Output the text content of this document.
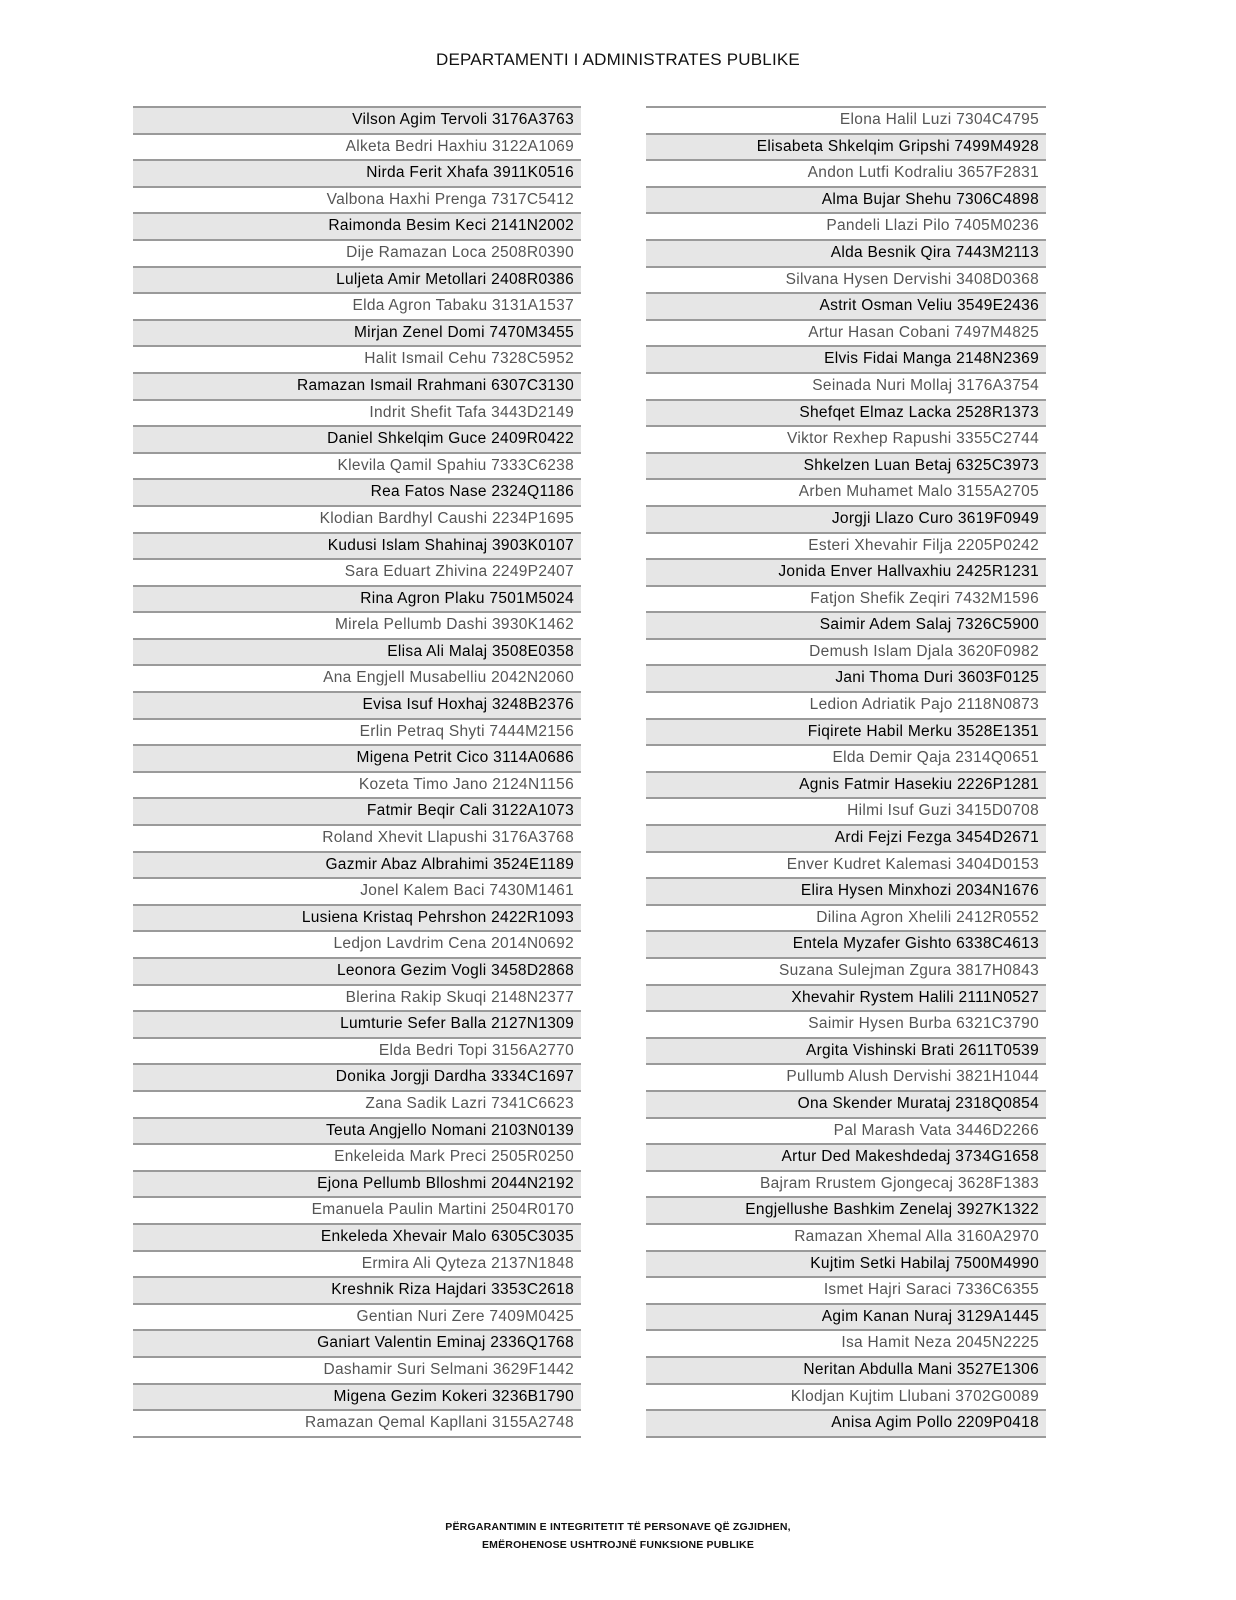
DEPARTAMENTI I ADMINISTRATES PUBLIKE
Vilson Agim Tervoli 3176A3763
Alketa Bedri Haxhiu 3122A1069
Nirda Ferit Xhafa 3911K0516
Valbona Haxhi Prenga 7317C5412
Raimonda Besim Keci 2141N2002
Dije Ramazan Loca 2508R0390
Luljeta Amir Metollari 2408R0386
Elda Agron Tabaku 3131A1537
Mirjan Zenel Domi 7470M3455
Halit Ismail Cehu 7328C5952
Ramazan Ismail Rrahmani 6307C3130
Indrit Shefit Tafa 3443D2149
Daniel Shkelqim Guce 2409R0422
Klevila Qamil Spahiu 7333C6238
Rea Fatos Nase 2324Q1186
Klodian Bardhyl Caushi 2234P1695
Kudusi Islam Shahinaj 3903K0107
Sara Eduart Zhivina 2249P2407
Rina Agron Plaku 7501M5024
Mirela Pellumb Dashi 3930K1462
Elisa Ali Malaj 3508E0358
Ana Engjell Musabelliu 2042N2060
Evisa Isuf Hoxhaj 3248B2376
Erlin Petraq Shyti 7444M2156
Migena Petrit Cico 3114A0686
Kozeta Timo Jano 2124N1156
Fatmir Beqir Cali 3122A1073
Roland Xhevit Llapushi 3176A3768
Gazmir Abaz Albrahimi 3524E1189
Jonel Kalem Baci 7430M1461
Lusiena Kristaq Pehrshon 2422R1093
Ledjon Lavdrim Cena 2014N0692
Leonora Gezim Vogli 3458D2868
Blerina Rakip Skuqi 2148N2377
Lumturie Sefer Balla 2127N1309
Elda Bedri Topi 3156A2770
Donika Jorgji Dardha 3334C1697
Zana Sadik Lazri 7341C6623
Teuta Angjello Nomani 2103N0139
Enkeleida Mark Preci 2505R0250
Ejona Pellumb Blloshmi 2044N2192
Emanuela Paulin Martini 2504R0170
Enkeleda Xhevair Malo 6305C3035
Ermira Ali Qyteza 2137N1848
Kreshnik Riza Hajdari 3353C2618
Gentian Nuri Zere 7409M0425
Ganiart Valentin Eminaj 2336Q1768
Dashamir Suri Selmani 3629F1442
Migena Gezim Kokeri 3236B1790
Ramazan Qemal Kapllani 3155A2748
Elona Halil Luzi 7304C4795
Elisabeta Shkelqim Gripshi 7499M4928
Andon Lutfi Kodraliu 3657F2831
Alma Bujar Shehu 7306C4898
Pandeli Llazi Pilo 7405M0236
Alda Besnik Qira 7443M2113
Silvana Hysen Dervishi 3408D0368
Astrit Osman Veliu 3549E2436
Artur Hasan Cobani 7497M4825
Elvis Fidai Manga 2148N2369
Seinada Nuri Mollaj 3176A3754
Shefqet Elmaz Lacka 2528R1373
Viktor Rexhep Rapushi 3355C2744
Shkelzen Luan Betaj 6325C3973
Arben Muhamet Malo 3155A2705
Jorgji Llazo Curo 3619F0949
Esteri Xhevahir Filja 2205P0242
Jonida Enver Hallvaxhiu 2425R1231
Fatjon Shefik Zeqiri 7432M1596
Saimir Adem Salaj 7326C5900
Demush Islam Djala 3620F0982
Jani Thoma Duri 3603F0125
Ledion Adriatik Pajo 2118N0873
Fiqirete Habil Merku 3528E1351
Elda Demir Qaja 2314Q0651
Agnis Fatmir Hasekiu 2226P1281
Hilmi Isuf Guzi 3415D0708
Ardi Fejzi Fezga 3454D2671
Enver Kudret Kalemasi 3404D0153
Elira Hysen Minxhozi 2034N1676
Dilina Agron Xhelili 2412R0552
Entela Myzafer Gishto 6338C4613
Suzana Sulejman Zgura 3817H0843
Xhevahir Rystem Halili 2111N0527
Saimir Hysen Burba 6321C3790
Argita Vishinski Brati 2611T0539
Pullumb Alush Dervishi 3821H1044
Ona Skender Murataj 2318Q0854
Pal Marash Vata 3446D2266
Artur Ded Makeshdedaj 3734G1658
Bajram Rrustem Gjongecaj 3628F1383
Engjellushe Bashkim Zenelaj 3927K1322
Ramazan Xhemal Alla 3160A2970
Kujtim Setki Habilaj 7500M4990
Ismet Hajri Saraci 7336C6355
Agim Kanan Nuraj 3129A1445
Isa Hamit Neza 2045N2225
Neritan Abdulla Mani 3527E1306
Klodjan Kujtim Llubani 3702G0089
Anisa Agim Pollo 2209P0418
PËRGARANTIMIN E INTEGRITETIT TË PERSONAVE QË ZGJIDHEN,
EMËROHENOSE USHTROJNË FUNKSIONE PUBLIKE
